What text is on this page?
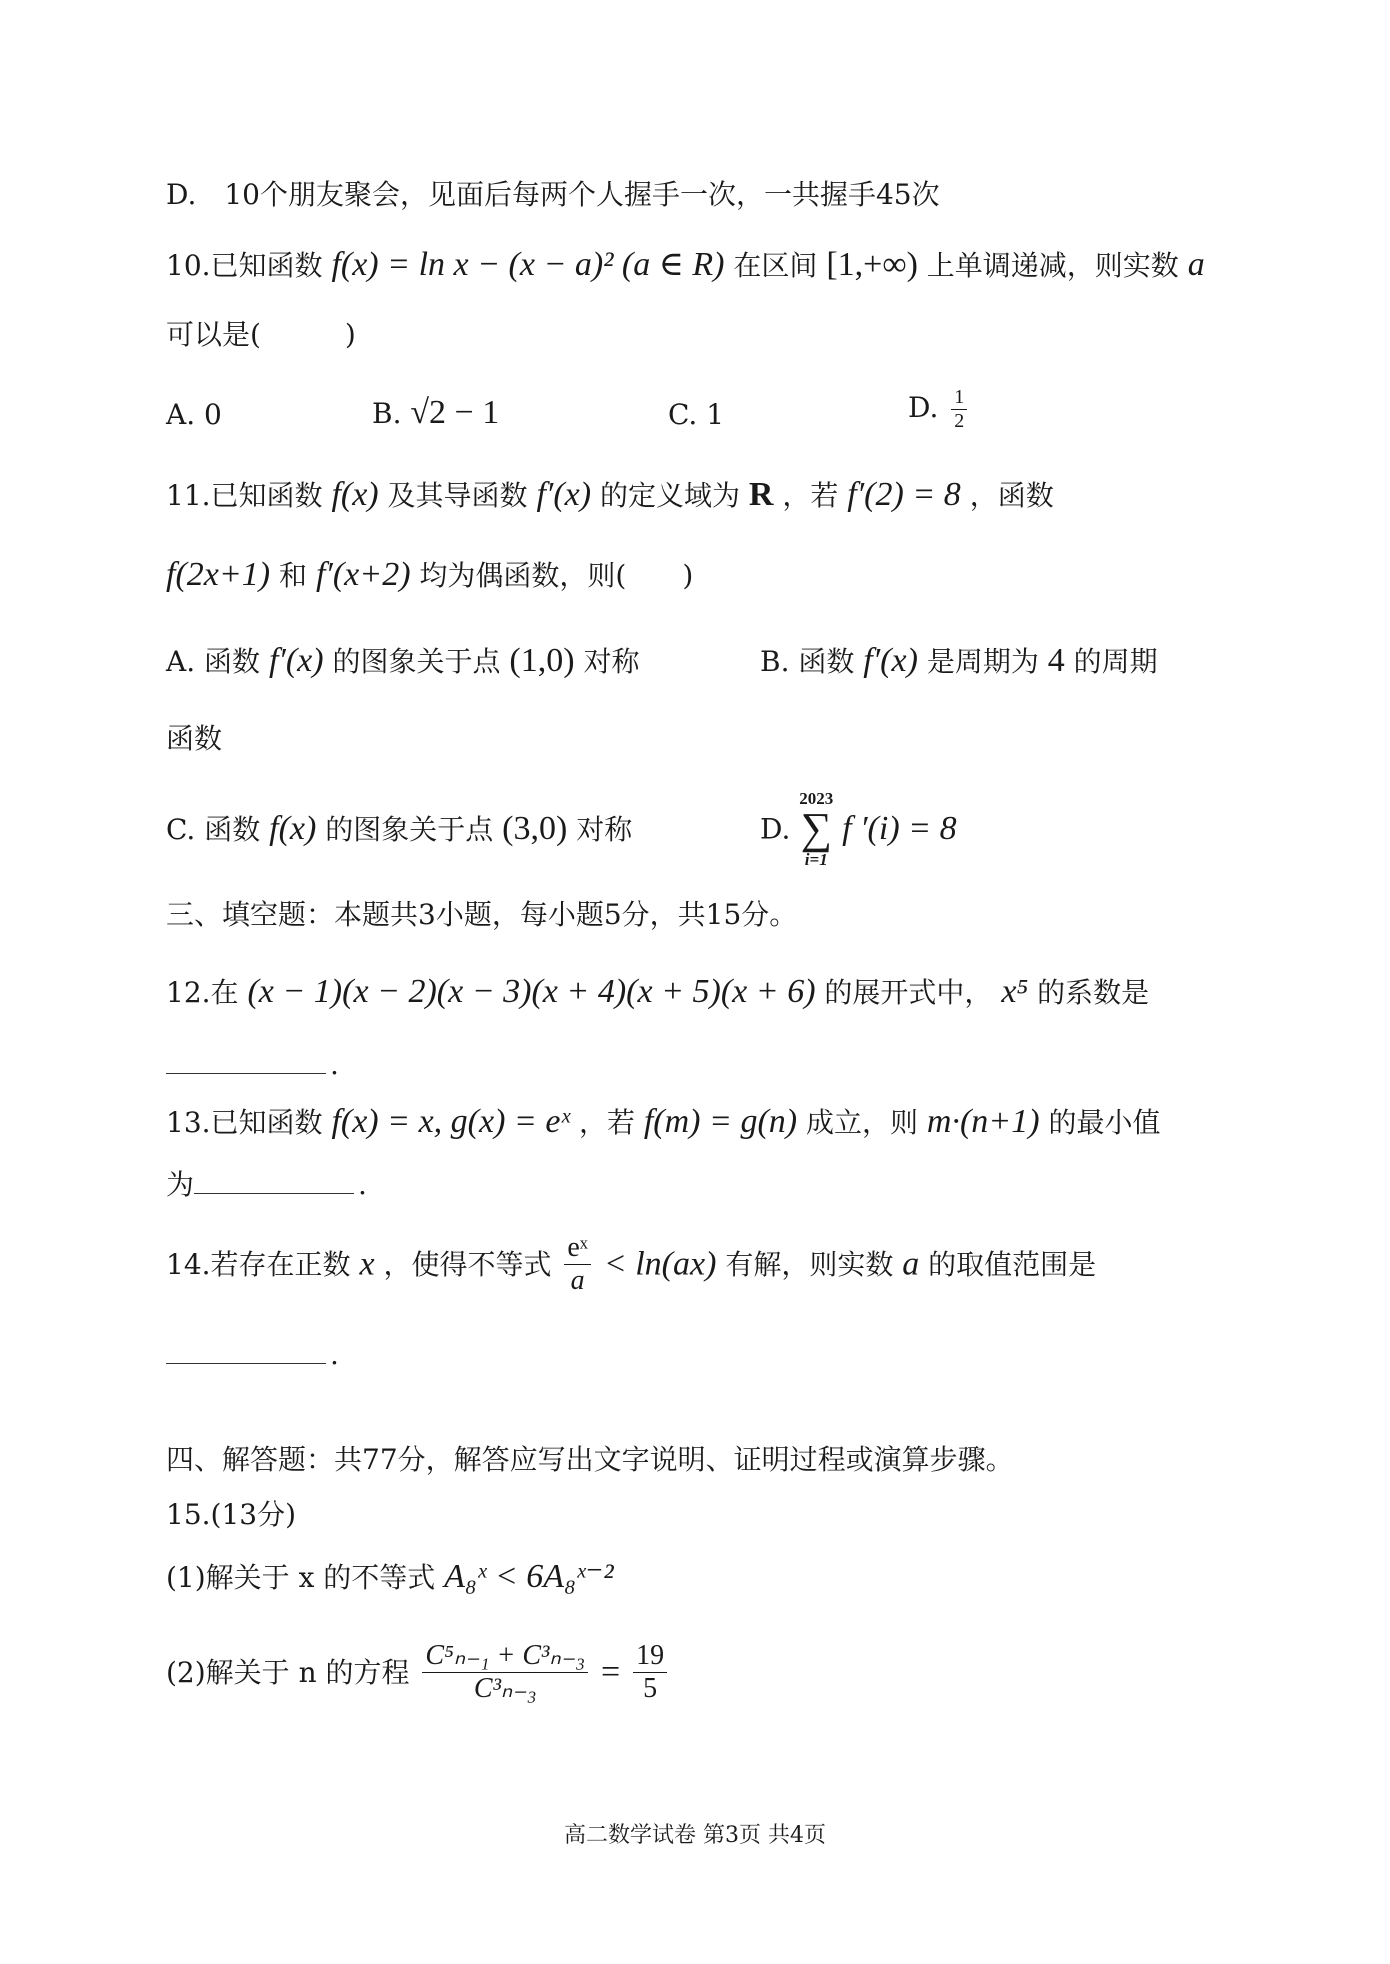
D.　10个朋友聚会，见面后每两个人握手一次，一共握手45次
10.已知函数 f(x) = ln x − (x − a)² (a ∈ R) 在区间 [1,+∞) 上单调递减，则实数 a
可以是(　　　)
A. 0	B. √2 − 1	C. 1	D. $\frac{1}{2}$
11.已知函数 f(x) 及其导函数 f′(x) 的定义域为 R ，若 f′(2) = 8 ，函数
f(2x+1) 和 f′(x+2) 均为偶函数，则(　　)
A. 函数 f′(x) 的图象关于点 (1,0) 对称	B. 函数 f′(x) 是周期为 4 的周期
函数
C. 函数 f(x) 的图象关于点 (3,0) 对称	D.
2023
∑
i=1
f ′(i) = 8
三、填空题：本题共3小题，每小题5分，共15分。
12.在 (x − 1)(x − 2)(x − 3)(x + 4)(x + 5)(x + 6) 的展开式中， x⁵ 的系数是
.
13.已知函数 f(x) = x, g(x) = eˣ ，若 f(m) = g(n) 成立，则 m·(n+1) 的最小值
为	.
14.若存在正数 x ，使得不等式 $\frac{\text{eˣ}}{a} < \ln(ax)$ 有解，则实数 a 的取值范围是
.
四、解答题：共77分，解答应写出文字说明、证明过程或演算步骤。
15.(13分)
(1)解关于 x 的不等式 A₈ˣ < 6A₈ˣ⁻²
(2)解关于 n 的方程 $\frac{\text{C⁵ₙ₋₁ + C³ₙ₋₃}}{\text{C³ₙ₋₃}} = \frac{19}{5}$
高二数学试卷 第3页 共4页
